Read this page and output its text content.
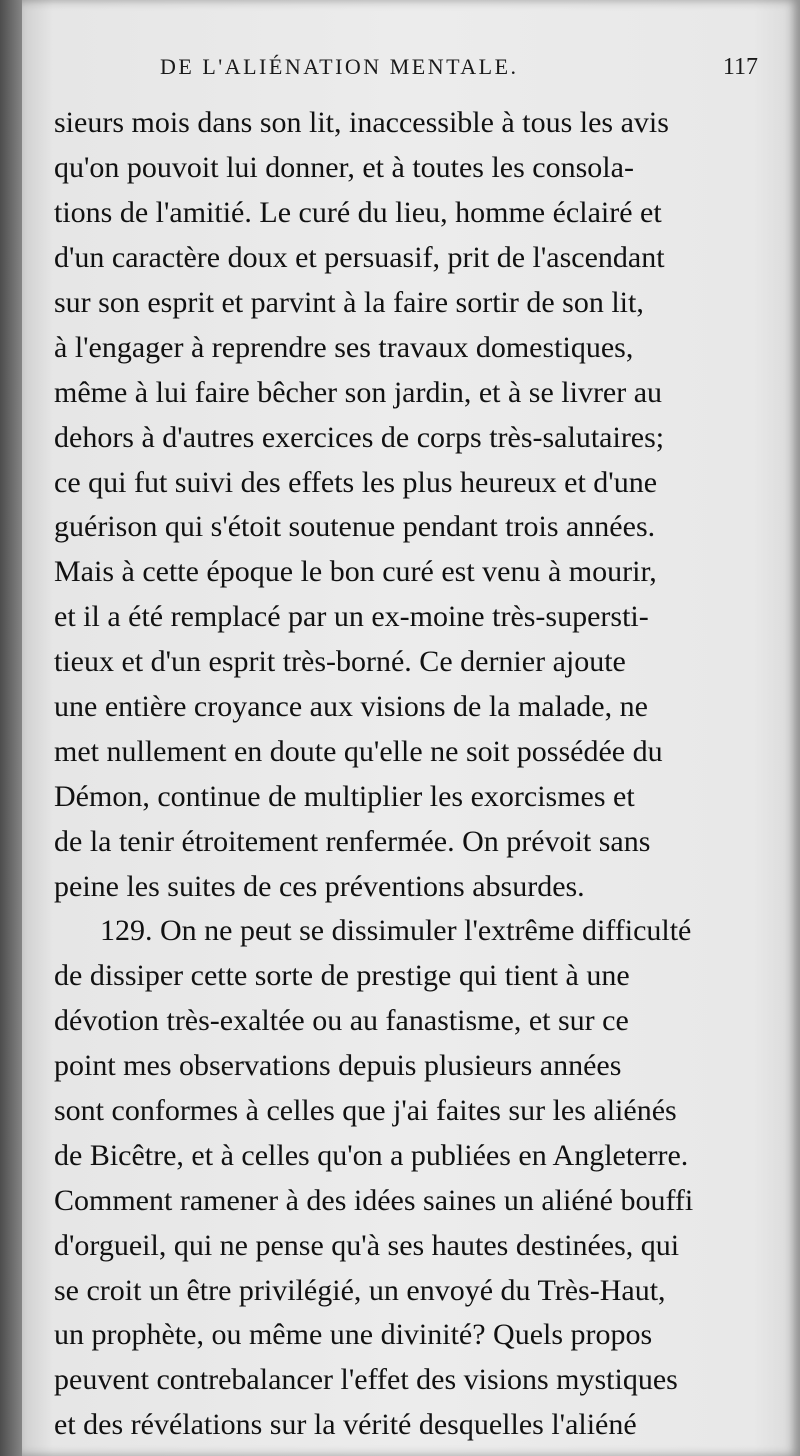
DE L'ALIÉNATION MENTALE.	117
sieurs mois dans son lit, inaccessible à tous les avis
qu'on pouvoit lui donner, et à toutes les consola-
tions de l'amitié. Le curé du lieu, homme éclairé et
d'un caractère doux et persuasif, prit de l'ascendant
sur son esprit et parvint à la faire sortir de son lit,
à l'engager à reprendre ses travaux domestiques,
même à lui faire bêcher son jardin, et à se livrer au
dehors à d'autres exercices de corps très-salutaires;
ce qui fut suivi des effets les plus heureux et d'une
guérison qui s'étoit soutenue pendant trois années.
Mais à cette époque le bon curé est venu à mourir,
et il a été remplacé par un ex-moine très-supersti-
tieux et d'un esprit très-borné. Ce dernier ajoute
une entière croyance aux visions de la malade, ne
met nullement en doute qu'elle ne soit possédée du
Démon, continue de multiplier les exorcismes et
de la tenir étroitement renfermée. On prévoit sans
peine les suites de ces préventions absurdes.
129. On ne peut se dissimuler l'extrême difficulté
de dissiper cette sorte de prestige qui tient à une
dévotion très-exaltée ou au fanastisme, et sur ce
point mes observations depuis plusieurs années
sont conformes à celles que j'ai faites sur les aliénés
de Bicêtre, et à celles qu'on a publiées en Angleterre.
Comment ramener à des idées saines un aliéné bouffi
d'orgueil, qui ne pense qu'à ses hautes destinées, qui
se croit un être privilégié, un envoyé du Très-Haut,
un prophète, ou même une divinité? Quels propos
peuvent contrebalancer l'effet des visions mystiques
et des révélations sur la vérité desquelles l'aliéné
